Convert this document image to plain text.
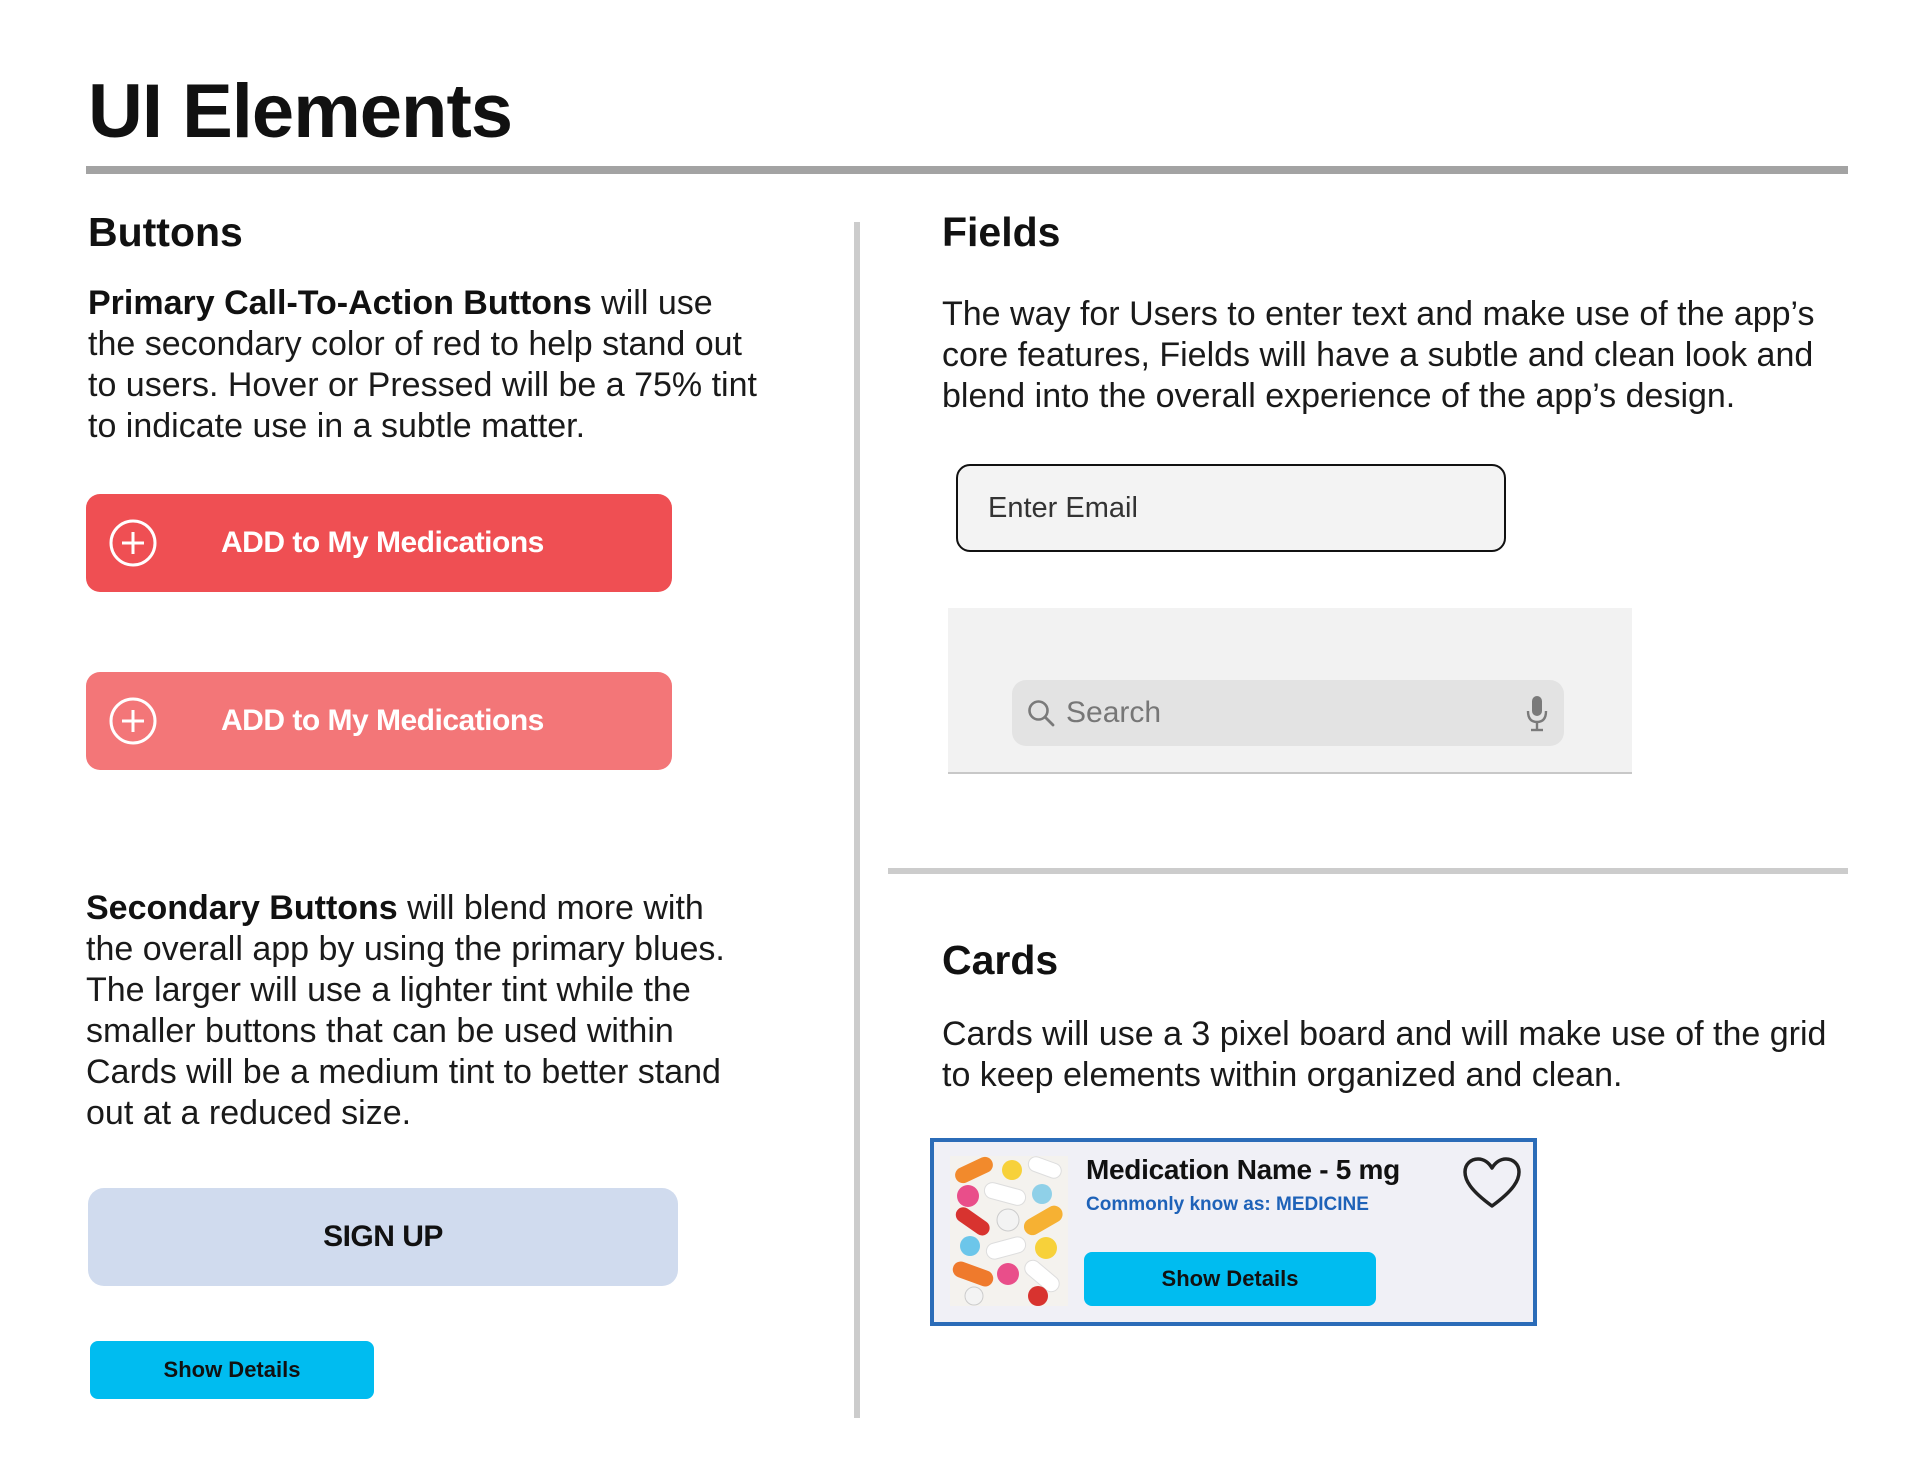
UI Elements
Buttons

Primary Call-To-Action Buttons will use the secondary color of red to help stand out to users. Hover or Pressed will be a 75% tint to indicate use in a subtle matter.

ADD to My Medications
ADD to My Medications

Secondary Buttons will blend more with the overall app by using the primary blues. The larger will use a lighter tint while the smaller buttons that can be used within Cards will be a medium tint to better stand out at a reduced size.

SIGN UP
Show Details
Fields

The way for Users to enter text and make use of the app’s core features, Fields will have a subtle and clean look and blend into the overall experience of the app’s design.

Enter Email
Search
Cards

Cards will use a 3 pixel board and will make use of the grid to keep elements within organized and clean.

Medication Name - 5 mg
Commonly know as: MEDICINE
Show Details
